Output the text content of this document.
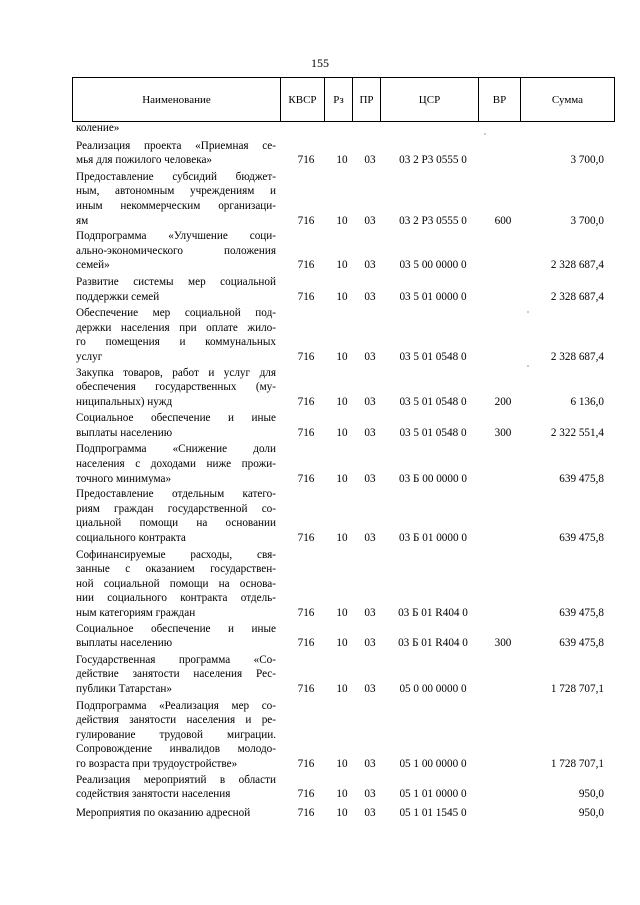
155
Наименование	КВСР	Рз	ПР	ЦСР	ВР	Сумма
коление»
Реализация проекта «Приемная се-
мья для пожилого человека»	716	10	03	03 2 Р3 0555 0	3 700,0
Предоставление субсидий бюджет-
ным, автономным учреждениям и
иным некоммерческим организаци-
ям	716	10	03	03 2 Р3 0555 0	600	3 700,0
Подпрограмма «Улучшение соци-
ально-экономического положения
семей»	716	10	03	03 5 00 0000 0	2 328 687,4
Развитие системы мер социальной
поддержки семей	716	10	03	03 5 01 0000 0	2 328 687,4
Обеспечение мер социальной под-
держки населения при оплате жило-
го помещения и коммунальных
услуг	716	10	03	03 5 01 0548 0	2 328 687,4
Закупка товаров, работ и услуг для
обеспечения государственных (му-
ниципальных) нужд	716	10	03	03 5 01 0548 0	200	6 136,0
Социальное обеспечение и иные
выплаты населению	716	10	03	03 5 01 0548 0	300	2 322 551,4
Подпрограмма «Снижение доли
населения с доходами ниже прожи-
точного минимума»	716	10	03	03 Б 00 0000 0	639 475,8
Предоставление отдельным катего-
риям граждан государственной со-
циальной помощи на основании
социального контракта	716	10	03	03 Б 01 0000 0	639 475,8
Софинансируемые расходы, свя-
занные с оказанием государствен-
ной социальной помощи на основа-
нии социального контракта отдель-
ным категориям граждан	716	10	03	03 Б 01 R404 0	639 475,8
Социальное обеспечение и иные
выплаты населению	716	10	03	03 Б 01 R404 0	300	639 475,8
Государственная программа «Со-
действие занятости населения Рес-
публики Татарстан»	716	10	03	05 0 00 0000 0	1 728 707,1
Подпрограмма «Реализация мер со-
действия занятости населения и ре-
гулирование трудовой миграции.
Сопровождение инвалидов молодо-
го возраста при трудоустройстве»	716	10	03	05 1 00 0000 0	1 728 707,1
Реализация мероприятий в области
содействия занятости населения	716	10	03	05 1 01 0000 0	950,0
Мероприятия по оказанию адресной	716	10	03	05 1 01 1545 0	950,0
